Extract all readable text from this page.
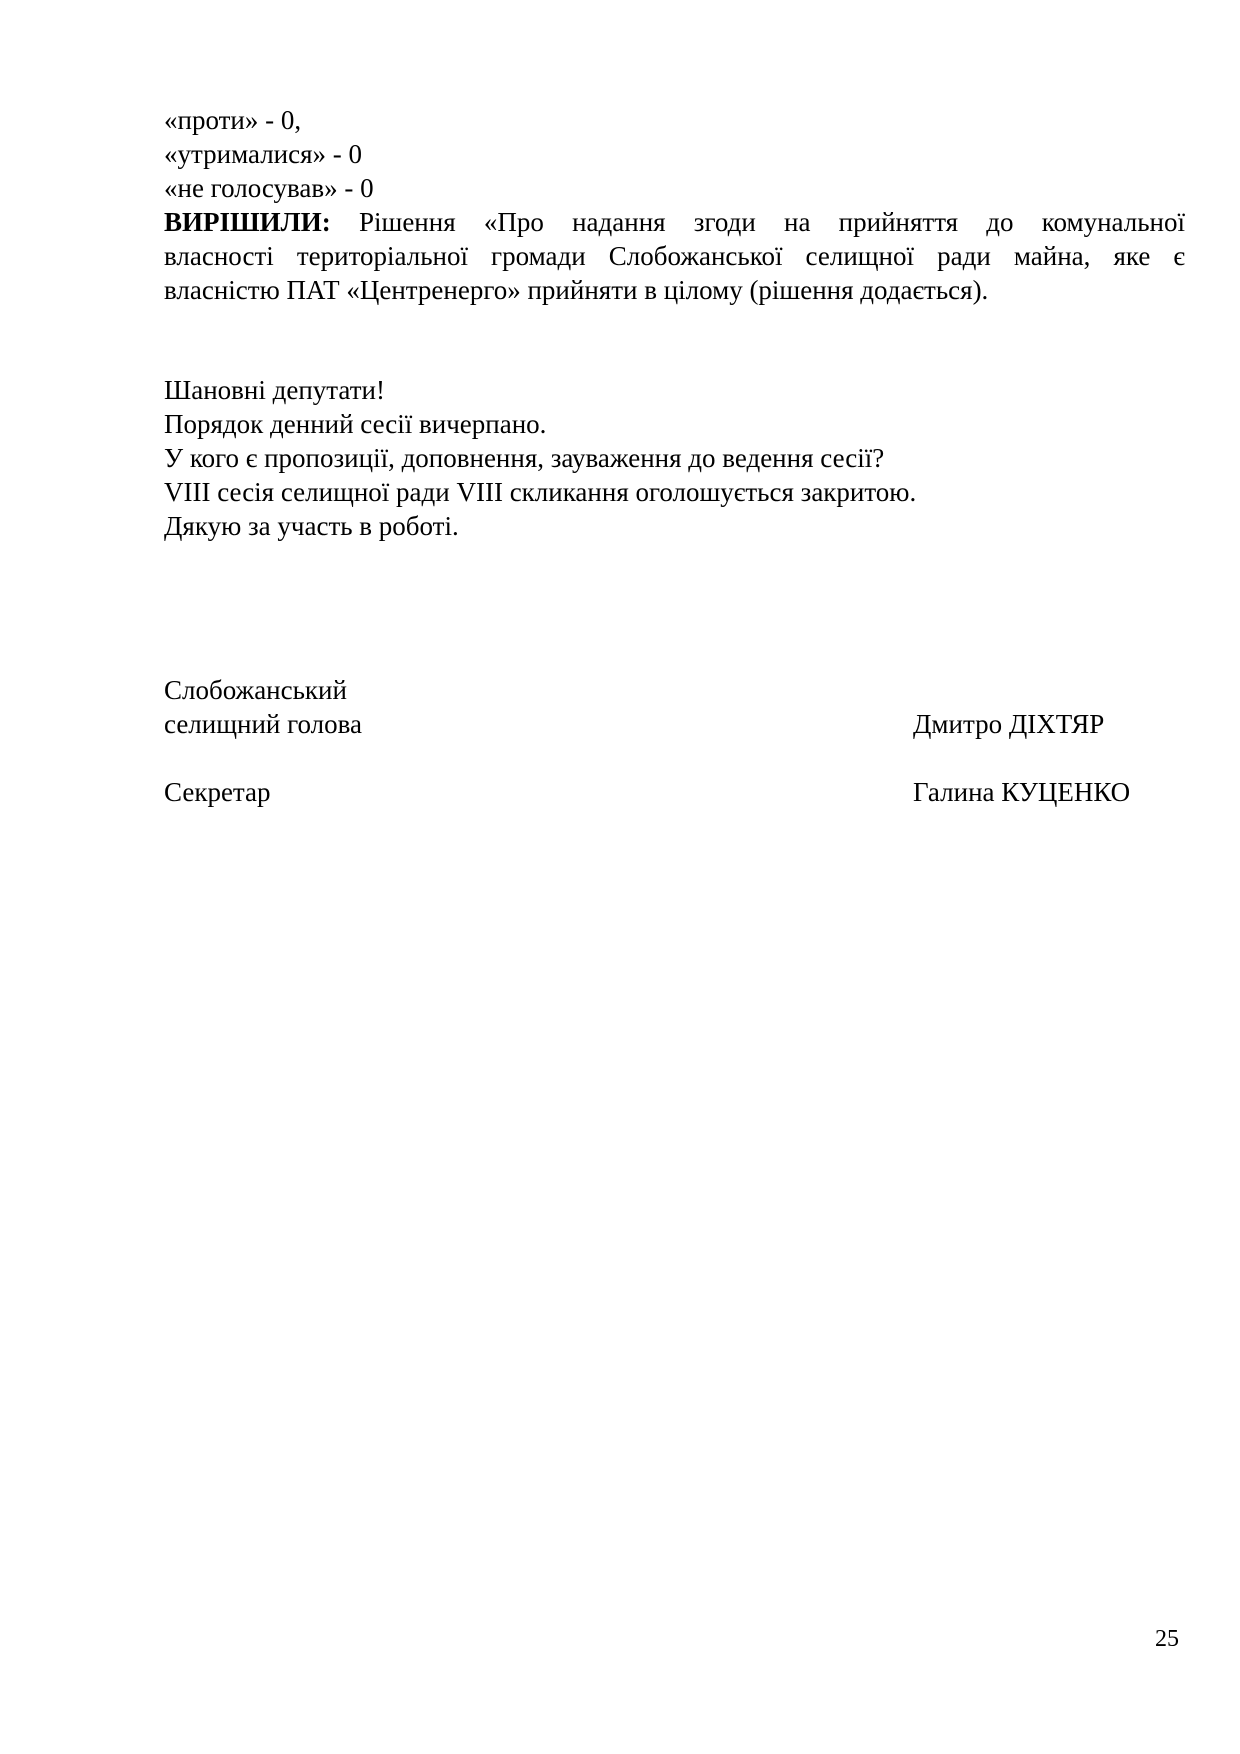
«проти» - 0,
«утрималися» - 0
«не голосував» - 0
ВИРІШИЛИ: Рішення «Про надання згоди на прийняття до комунальної
власності територіальної громади Слобожанської селищної ради майна, яке є
власністю ПАТ «Центренерго» прийняти в цілому (рішення додається).
Шановні депутати!
Порядок денний сесії вичерпано.
У кого є пропозиції, доповнення, зауваження до ведення сесії?
VIII сесія селищної ради VIII скликання оголошується закритою.
Дякую за участь в роботі.
Слобожанський
селищний голова	Дмитро ДІХТЯР
Секретар	Галина КУЦЕНКО
25
